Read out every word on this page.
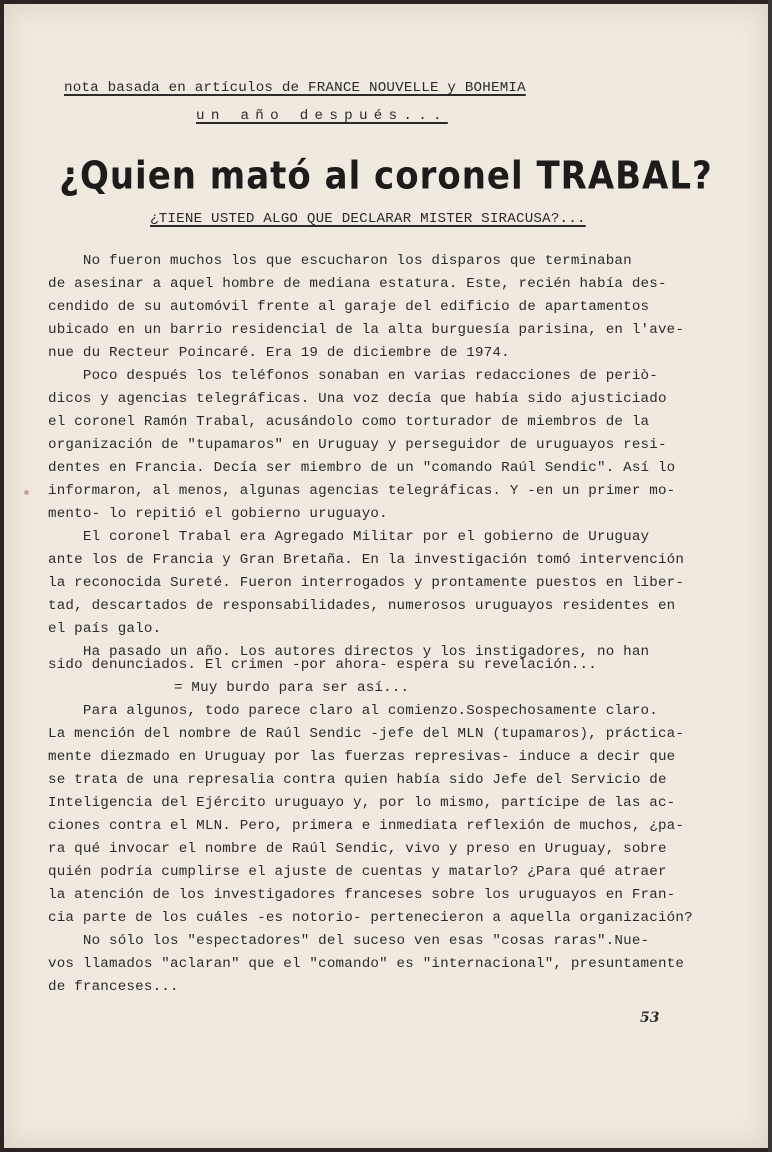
nota basada en artículos de FRANCE NOUVELLE y BOHEMIA
un año después...
¿Quien mató al coronel TRABAL?
¿TIENE USTED ALGO QUE DECLARAR MISTER SIRACUSA?...
No fueron muchos los que escucharon los disparos que terminaban
de asesinar a aquel hombre de mediana estatura. Este, recién había des-
cendido de su automóvil frente al garaje del edificio de apartamentos
ubicado en un barrio residencial de la alta burguesía parisina, en l'ave-
nue du Recteur Poincaré. Era 19 de diciembre de 1974.
Poco después los teléfonos sonaban en varias redacciones de periò-
dicos y agencias telegráficas. Una voz decía que había sido ajusticiado
el coronel Ramón Trabal, acusándolo como torturador de miembros de la
organización de "tupamaros" en Uruguay y perseguidor de uruguayos resi-
dentes en Francia. Decía ser miembro de un "comando Raúl Sendic". Así lo
informaron, al menos, algunas agencias telegráficas. Y -en un primer mo-
mento- lo repitió el gobierno uruguayo.
El coronel Trabal era Agregado Militar por el gobierno de Uruguay
ante los de Francia y Gran Bretaña. En la investigación tomó intervención
la reconocida Sureté. Fueron interrogados y prontamente puestos en liber-
tad, descartados de responsabilidades, numerosos uruguayos residentes en
el país galo.
Ha pasado un año. Los autores directos y los instigadores, no han
sido denunciados. El crimen -por ahora- espera su revelación...
= Muy burdo para ser así...
Para algunos, todo parece claro al comienzo.Sospechosamente claro.
La mención del nombre de Raúl Sendic -jefe del MLN (tupamaros), práctica-
mente diezmado en Uruguay por las fuerzas represivas- induce a decir que
se trata de una represalia contra quien había sido Jefe del Servicio de
Inteligencia del Ejército uruguayo y, por lo mismo, partícipe de las ac-
ciones contra el MLN. Pero, primera e inmediata reflexión de muchos, ¿pa-
ra qué invocar el nombre de Raúl Sendic, vivo y preso en Uruguay, sobre
quién podría cumplirse el ajuste de cuentas y matarlo? ¿Para qué atraer
la atención de los investigadores franceses sobre los uruguayos en Fran-
cia parte de los cuáles -es notorio- pertenecieron a aquella organización?
No sólo los "espectadores" del suceso ven esas "cosas raras".Nue-
vos llamados "aclaran" que el "comando" es "internacional", presuntamente
de franceses...
53
